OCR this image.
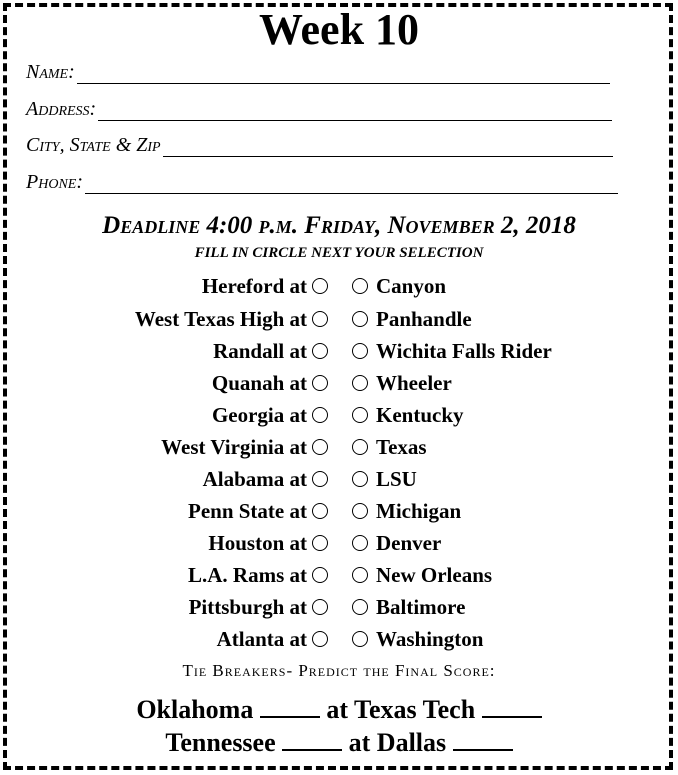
Week 10
Name:
Address:
City, State & Zip
Phone:
Deadline 4:00 p.m. Friday, November 2, 2018
FILL IN CIRCLE NEXT YOUR SELECTION
Hereford at	Canyon
West Texas High at	Panhandle
Randall at	Wichita Falls Rider
Quanah at	Wheeler
Georgia at	Kentucky
West Virginia at	Texas
Alabama at	LSU
Penn State at	Michigan
Houston at	Denver
L.A. Rams at	New Orleans
Pittsburgh at	Baltimore
Atlanta at	Washington
Tie Breakers- Predict the Final Score:
Oklahoma	at Texas Tech
Tennessee	at Dallas
